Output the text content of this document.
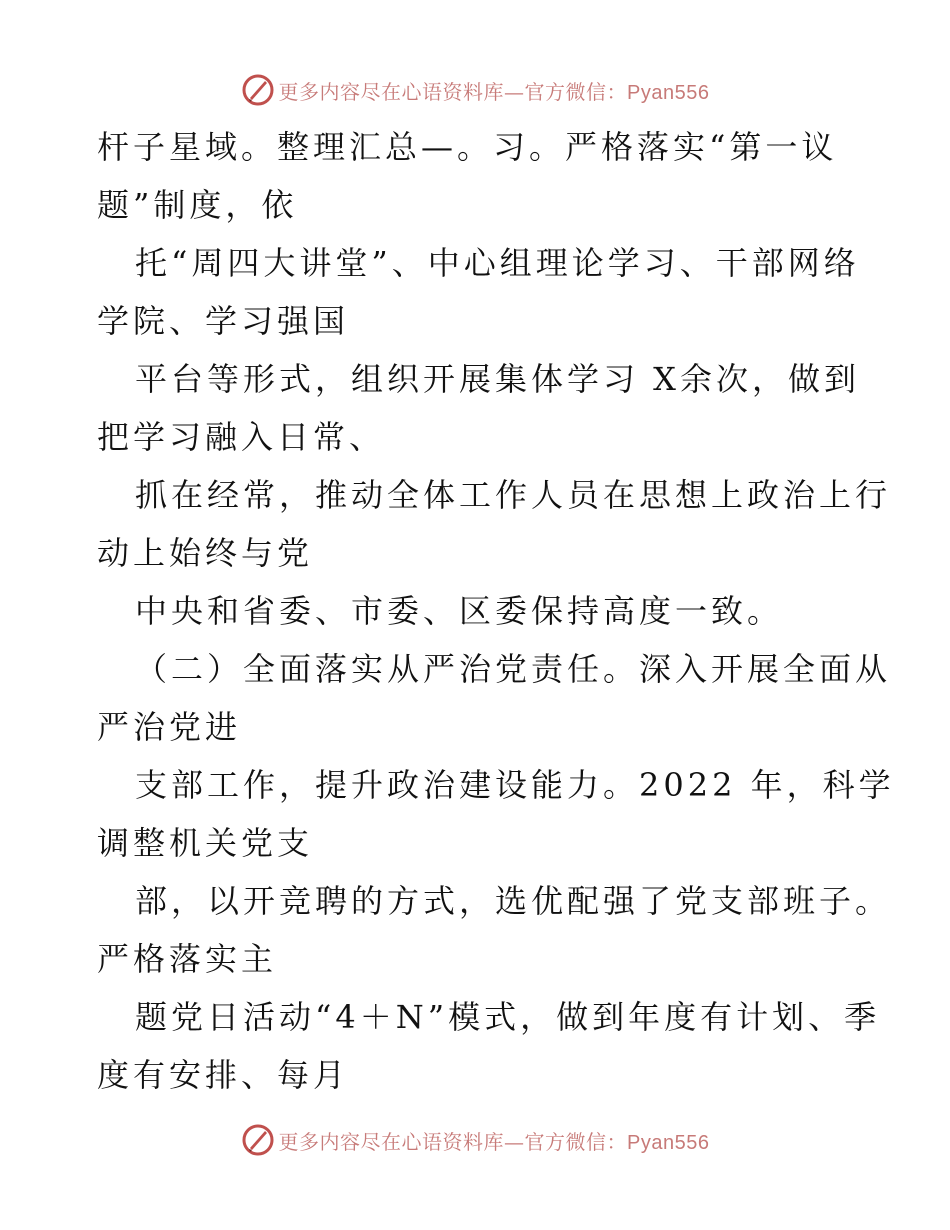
更多内容尽在心语资料库—官方微信：Pyan556
杆子星域。整理汇总—。习。严格落实“第一议
题”制度，依
托“周四大讲堂”、中心组理论学习、干部网络
学院、学习强国
平台等形式，组织开展集体学习 X余次，做到
把学习融入日常、
抓在经常，推动全体工作人员在思想上政治上行
动上始终与党
中央和省委、市委、区委保持高度一致。
（二）全面落实从严治党责任。深入开展全面从
严治党进
支部工作，提升政治建设能力。2022 年，科学
调整机关党支
部，以开竞聘的方式，选优配强了党支部班子。
严格落实主
题党日活动“4＋N”模式，做到年度有计划、季
度有安排、每月
更多内容尽在心语资料库—官方微信：Pyan556
